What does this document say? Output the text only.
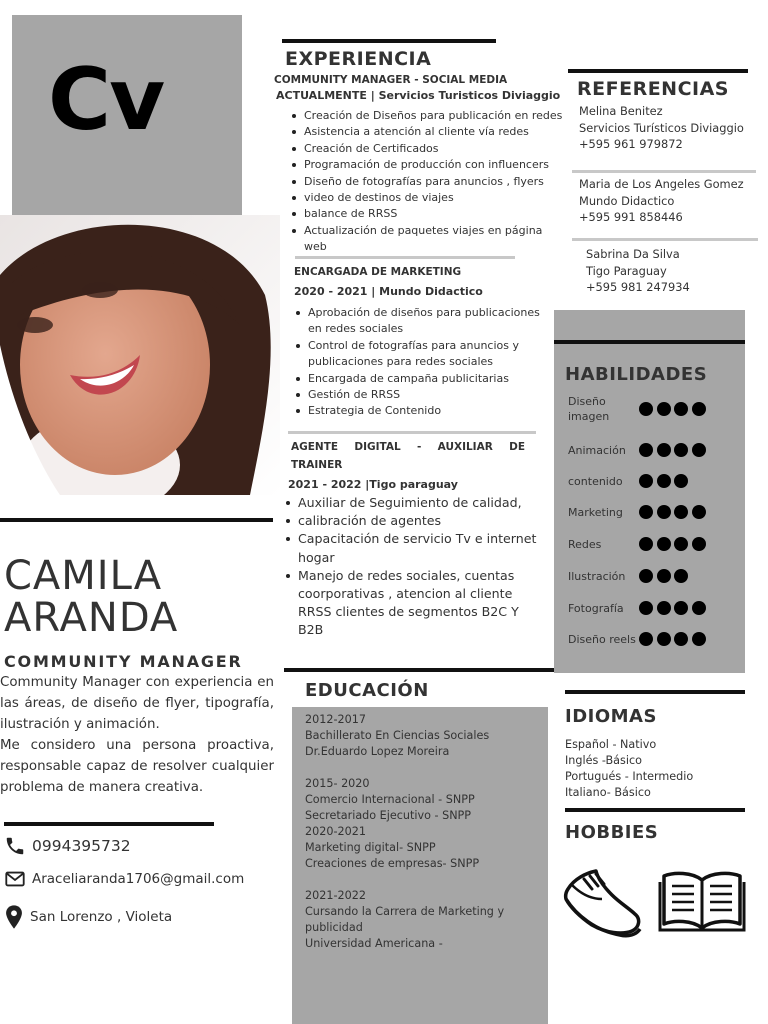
Cv
CAMILA
ARANDA
COMMUNITY MANAGER

Community Manager con experiencia en las áreas, de diseño de flyer, tipografía, ilustración y animación.

Me considero una persona proactiva, responsable capaz de resolver cualquier problema de manera creativa.

0994395732
Araceliaranda1706@gmail.com
San Lorenzo , Violeta
EXPERIENCIA
COMMUNITY MANAGER - SOCIAL MEDIA
ACTUALMENTE | Servicios Turisticos Diviaggio
Creación de Diseños para publicación en redes
Asistencia a atención al cliente vía redes
Creación de Certificados
Programación de producción con influencers
Diseño de fotografías para anuncios , flyers
video de destinos de viajes
balance de RRSS
Actualización de paquetes viajes en página web
ENCARGADA DE MARKETING
2020 - 2021 | Mundo Didactico
Aprobación de diseños para publicaciones en redes sociales
Control de fotografías para anuncios y publicaciones para redes sociales
Encargada de campaña publicitarias
Gestión de RRSS
Estrategia de Contenido
AGENTE DIGITAL - AUXILIAR DE TRAINER
2021 - 2022 |Tigo paraguay
Auxiliar de Seguimiento de calidad,
calibración de agentes
Capacitación de servicio Tv e internet hogar
Manejo de redes sociales, cuentas coorporativas , atencion al cliente RRSS clientes de segmentos B2C Y B2B
REFERENCIAS
Melina Benitez
Servicios Turísticos Diviaggio
+595 961 979872
Maria de Los Angeles Gomez
Mundo Didactico
+595 991 858446
Sabrina Da Silva
Tigo Paraguay
+595 981 247934
HABILIDADES
Diseño imagen
Animación
contenido
Marketing
Redes
Ilustración
Fotografía
Diseño reels
EDUCACIÓN
2012-2017
Bachillerato En Ciencias Sociales
Dr.Eduardo Lopez Moreira
2015- 2020
Comercio Internacional - SNPP
Secretariado Ejecutivo - SNPP
2020-2021
Marketing digital- SNPP
Creaciones de empresas- SNPP
2021-2022
Cursando la Carrera de Marketing y publicidad
Universidad Americana -
IDIOMAS
Español - Nativo
Inglés -Básico
Portugués - Intermedio
Italiano- Básico
HOBBIES
